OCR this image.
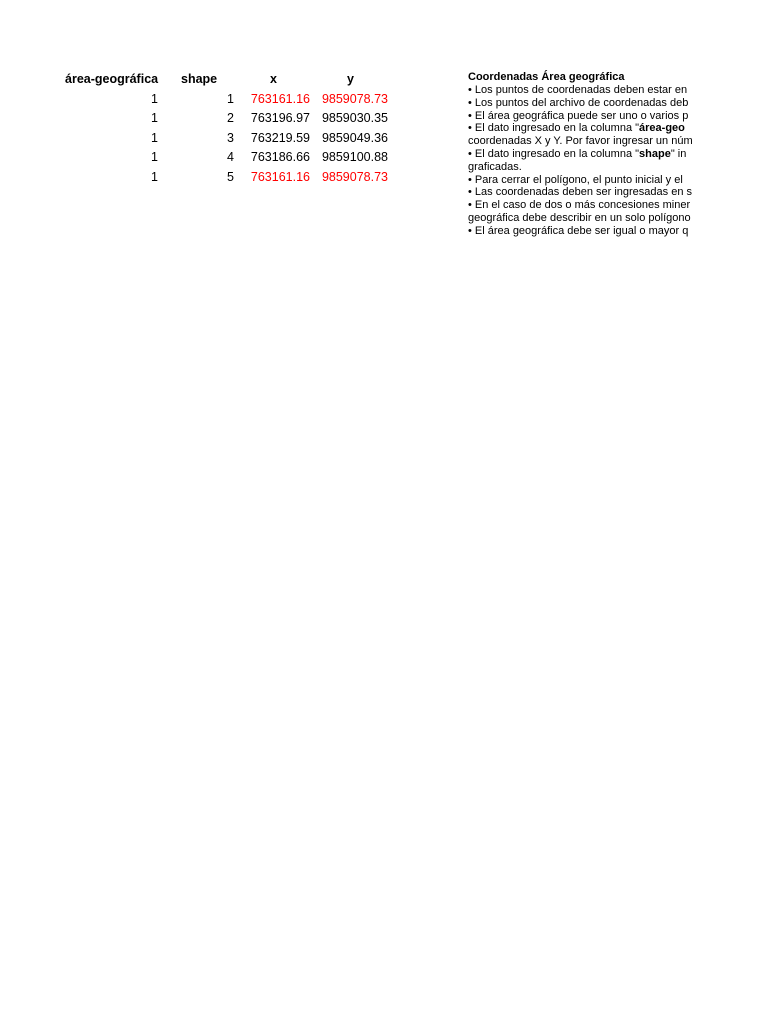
área-geográfica shape	x	y
1	1	763161.16 9859078.73
1	2	763196.97 9859030.35
1	3	763219.59 9859049.36
1	4	763186.66 9859100.88
1	5	763161.16 9859078.73
Coordenadas Área geográfica
• Los puntos de coordenadas deben estar en
• Los puntos del archivo de coordenadas deb
• El área geográfica puede ser uno o varios p
• El dato ingresado en la columna "área-geo
coordenadas X y Y. Por favor ingresar un núm
• El dato ingresado en la columna "shape" in
graficadas.
• Para cerrar el polígono, el punto inicial y el
• Las coordenadas deben ser ingresadas en s
• En el caso de dos o más concesiones miner
geográfica debe describir en un solo polígono
• El área geográfica debe ser igual o mayor q
